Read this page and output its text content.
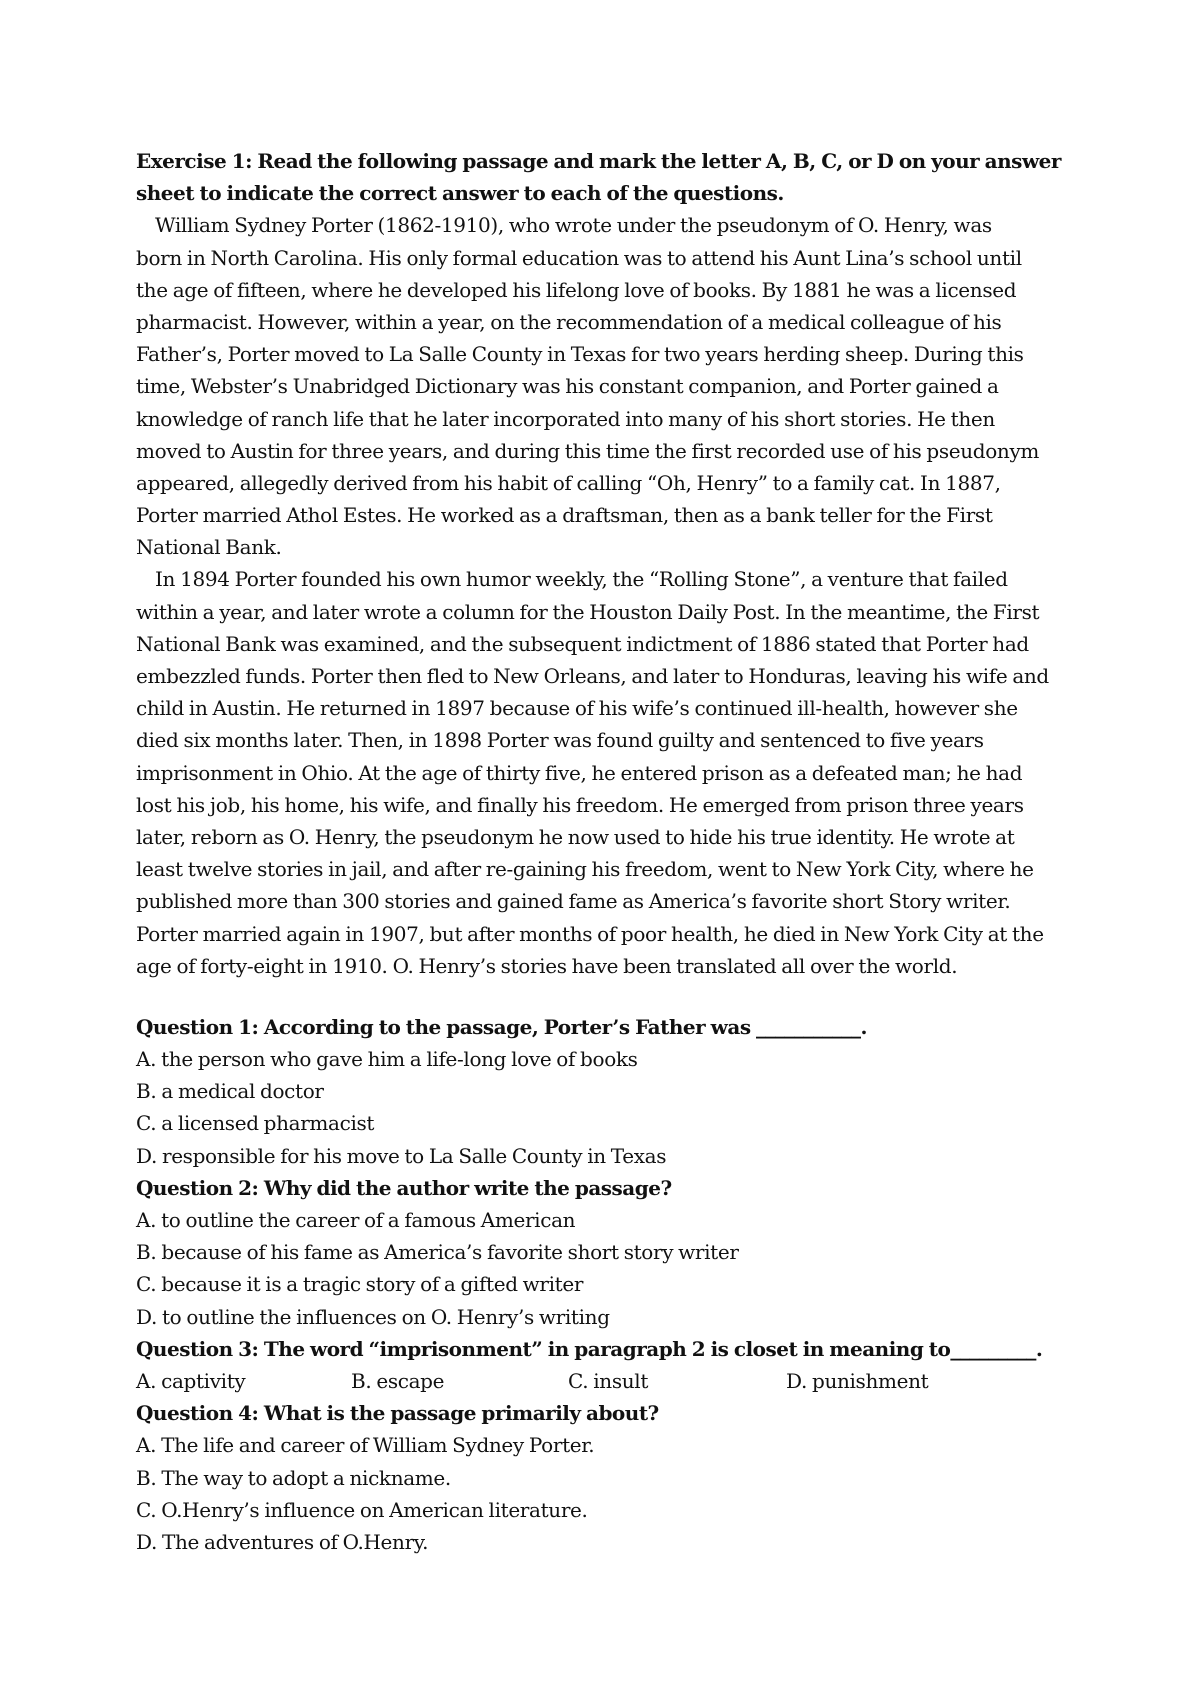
Exercise 1: Read the following passage and mark the letter A, B, C, or D on your answer
sheet to indicate the correct answer to each of the questions.
William Sydney Porter (1862-1910), who wrote under the pseudonym of O. Henry, was
born in North Carolina. His only formal education was to attend his Aunt Lina’s school until
the age of fifteen, where he developed his lifelong love of books. By 1881 he was a licensed
pharmacist. However, within a year, on the recommendation of a medical colleague of his
Father’s, Porter moved to La Salle County in Texas for two years herding sheep. During this
time, Webster’s Unabridged Dictionary was his constant companion, and Porter gained a
knowledge of ranch life that he later incorporated into many of his short stories. He then
moved to Austin for three years, and during this time the first recorded use of his pseudonym
appeared, allegedly derived from his habit of calling “Oh, Henry” to a family cat. In 1887,
Porter married Athol Estes. He worked as a draftsman, then as a bank teller for the First
National Bank.
In 1894 Porter founded his own humor weekly, the “Rolling Stone”, a venture that failed
within a year, and later wrote a column for the Houston Daily Post. In the meantime, the First
National Bank was examined, and the subsequent indictment of 1886 stated that Porter had
embezzled funds. Porter then fled to New Orleans, and later to Honduras, leaving his wife and
child in Austin. He returned in 1897 because of his wife’s continued ill-health, however she
died six months later. Then, in 1898 Porter was found guilty and sentenced to five years
imprisonment in Ohio. At the age of thirty five, he entered prison as a defeated man; he had
lost his job, his home, his wife, and finally his freedom. He emerged from prison three years
later, reborn as O. Henry, the pseudonym he now used to hide his true identity. He wrote at
least twelve stories in jail, and after re-gaining his freedom, went to New York City, where he
published more than 300 stories and gained fame as America’s favorite short Story writer.
Porter married again in 1907, but after months of poor health, he died in New York City at the
age of forty-eight in 1910. O. Henry’s stories have been translated all over the world.
Question 1: According to the passage, Porter’s Father was ___________.
A. the person who gave him a life-long love of books
B. a medical doctor
C. a licensed pharmacist
D. responsible for his move to La Salle County in Texas
Question 2: Why did the author write the passage?
A. to outline the career of a famous American
B. because of his fame as America’s favorite short story writer
C. because it is a tragic story of a gifted writer
D. to outline the influences on O. Henry’s writing
Question 3: The word “imprisonment” in paragraph 2 is closet in meaning to_________.
A. captivity	B. escape	C. insult	D. punishment
Question 4: What is the passage primarily about?
A. The life and career of William Sydney Porter.
B. The way to adopt a nickname.
C. O.Henry’s influence on American literature.
D. The adventures of O.Henry.
